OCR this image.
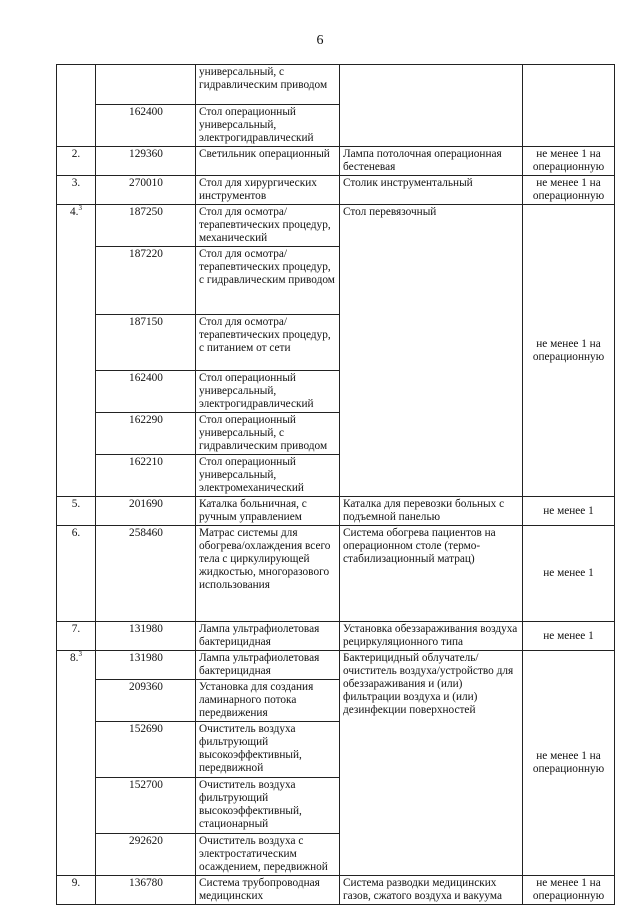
6
		универсальный, с гидравлическим приводом		
	162400	Стол операционный универсальный, электрогидравлический		
2.	129360	Светильник операционный	Лампа потолочная операционная бестеневая	не менее 1 на операционную
3.	270010	Стол для хирургических инструментов	Столик инструментальный	не менее 1 на операционную
4.$^3$	187250	Стол для осмотра/терапевтических процедур, механический	Стол перевязочный	не менее 1 на операционную
	187220	Стол для осмотра/терапевтических процедур, с гидравлическим приводом		
	187150	Стол для осмотра/терапевтических процедур, с питанием от сети		
	162400	Стол операционный универсальный, электрогидравлический		
	162290	Стол операционный универсальный, с гидравлическим приводом		
	162210	Стол операционный универсальный, электромеханический		
5.	201690	Каталка больничная, с ручным управлением	Каталка для перевозки больных с подъемной панелью	не менее 1
6.	258460	Матрас системы для обогрева/охлаждения всего тела с циркулирующей жидкостью, многоразового использования	Система обогрева пациентов на операционном столе (термо-стабилизационный матрац)	не менее 1
7.	131980	Лампа ультрафиолетовая бактерицидная	Установка обеззараживания воздуха рециркуляционного типа	не менее 1
8.$^3$	131980	Лампа ультрафиолетовая бактерицидная	Бактерицидный облучатель/очиститель воздуха/устройство для обеззараживания и (или) фильтрации воздуха и (или) дезинфекции поверхностей	не менее 1 на операционную
	209360	Установка для создания ламинарного потока передвижения		
	152690	Очиститель воздуха фильтрующий высокоэффективный, передвижной		
	152700	Очиститель воздуха фильтрующий высокоэффективный, стационарный		
	292620	Очиститель воздуха с электростатическим осаждением, передвижной		
9.	136780	Система трубопроводная медицинских	Система разводки медицинских газов, сжатого воздуха и вакуума	не менее 1 на операционную
